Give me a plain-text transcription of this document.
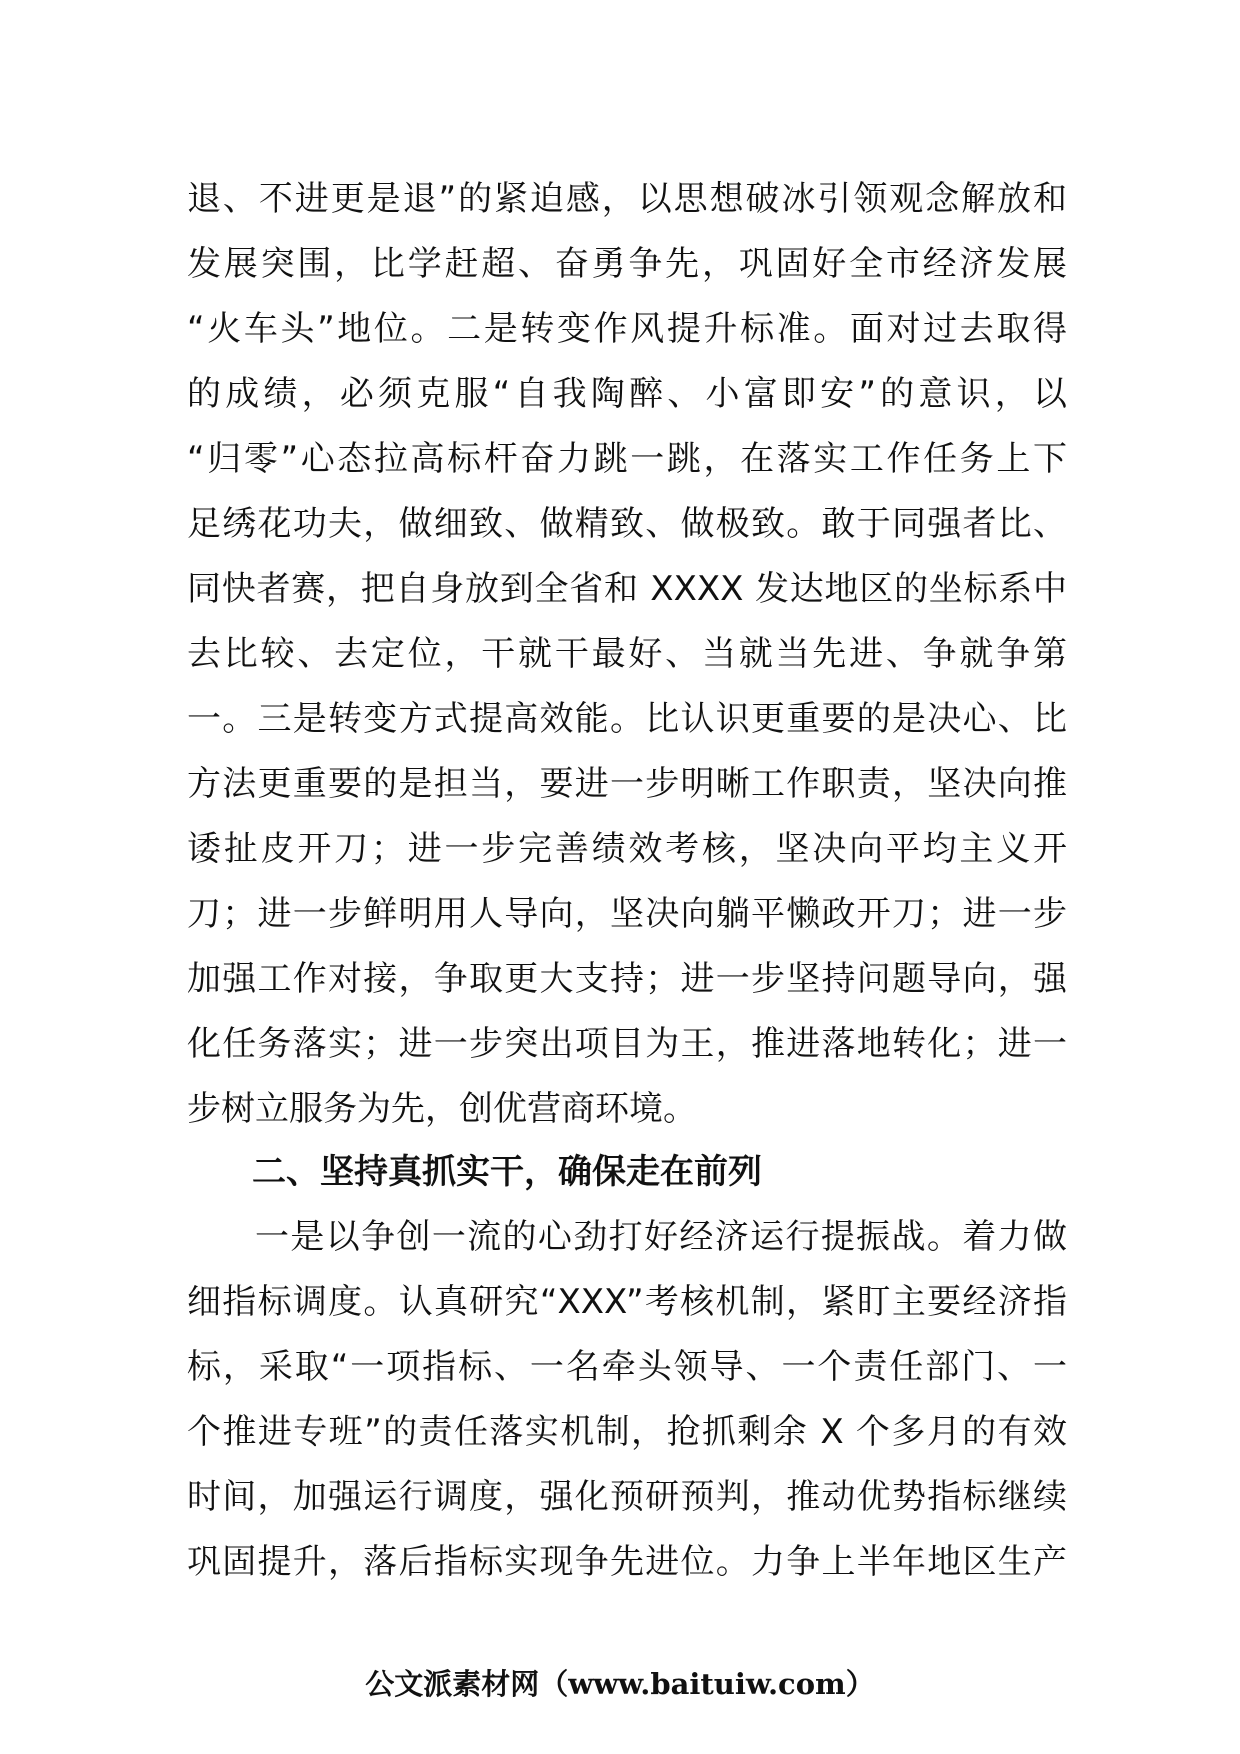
退、不进更是退”的紧迫感，以思想破冰引领观念解放和
发展突围，比学赶超、奋勇争先，巩固好全市经济发展
“火车头”地位。二是转变作风提升标准。面对过去取得
的成绩，必须克服“自我陶醉、小富即安”的意识，以
“归零”心态拉高标杆奋力跳一跳，在落实工作任务上下
足绣花功夫，做细致、做精致、做极致。敢于同强者比、
同快者赛，把自身放到全省和 XXXX 发达地区的坐标系中
去比较、去定位，干就干最好、当就当先进、争就争第
一。三是转变方式提高效能。比认识更重要的是决心、比
方法更重要的是担当，要进一步明晰工作职责，坚决向推
诿扯皮开刀；进一步完善绩效考核，坚决向平均主义开
刀；进一步鲜明用人导向，坚决向躺平懒政开刀；进一步
加强工作对接，争取更大支持；进一步坚持问题导向，强
化任务落实；进一步突出项目为王，推进落地转化；进一
步树立服务为先，创优营商环境。
二、坚持真抓实干，确保走在前列
一是以争创一流的心劲打好经济运行提振战。着力做
细指标调度。认真研究“XXX”考核机制，紧盯主要经济指
标，采取“一项指标、一名牵头领导、一个责任部门、一
个推进专班”的责任落实机制，抢抓剩余 X 个多月的有效
时间，加强运行调度，强化预研预判，推动优势指标继续
巩固提升，落后指标实现争先进位。力争上半年地区生产
公文派素材网（www.baituiw.com）
